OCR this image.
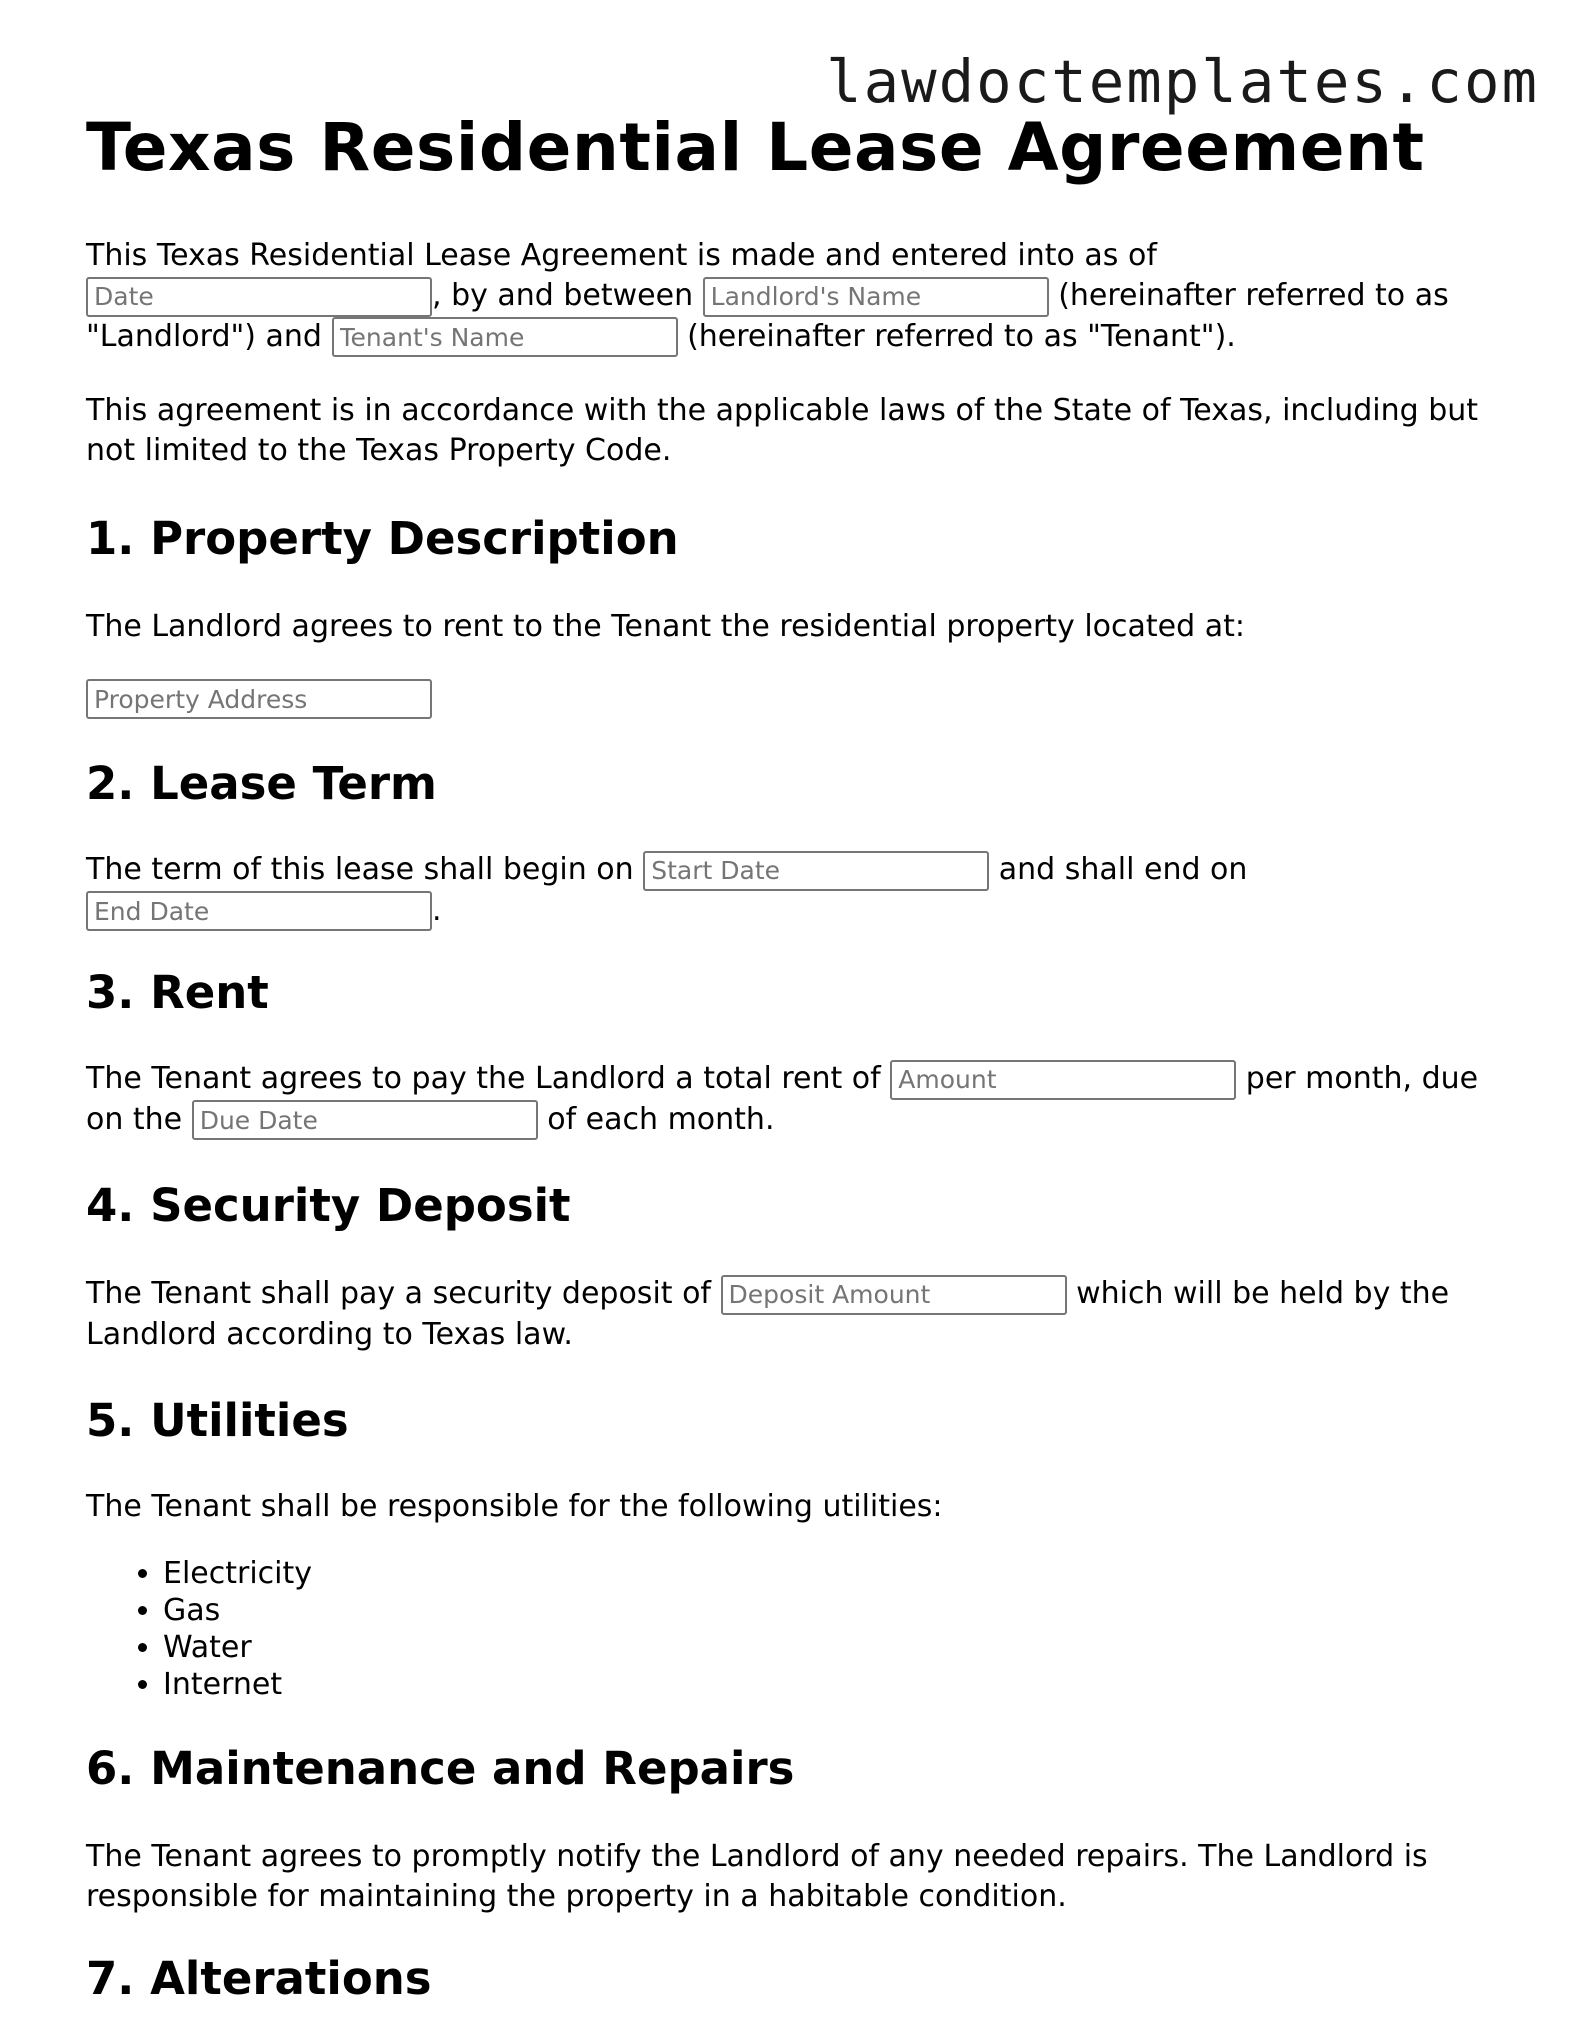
lawdoctemplates.com
Texas Residential Lease Agreement

This Texas Residential Lease Agreement is made and entered into as of
Date, by and between Landlord's Name	(hereinafter referred to as "Landlord") and Tenant's Name	(hereinafter referred to as "Tenant").

This agreement is in accordance with the applicable laws of the State of Texas, including but not limited to the Texas Property Code.

1. Property Description

The Landlord agrees to rent to the Tenant the residential property located at:

Property Address
2. Lease Term

The term of this lease shall begin on Start Date	and shall end on
End Date.

3. Rent

The Tenant agrees to pay the Landlord a total rent of Amount	per month, due on the Due Date	of each month.

4. Security Deposit

The Tenant shall pay a security deposit of Deposit Amount	which will be held by the Landlord according to Texas law.

5. Utilities

The Tenant shall be responsible for the following utilities:

• Electricity
• Gas
• Water
• Internet
6. Maintenance and Repairs

The Tenant agrees to promptly notify the Landlord of any needed repairs. The Landlord is responsible for maintaining the property in a habitable condition.

7. Alterations
